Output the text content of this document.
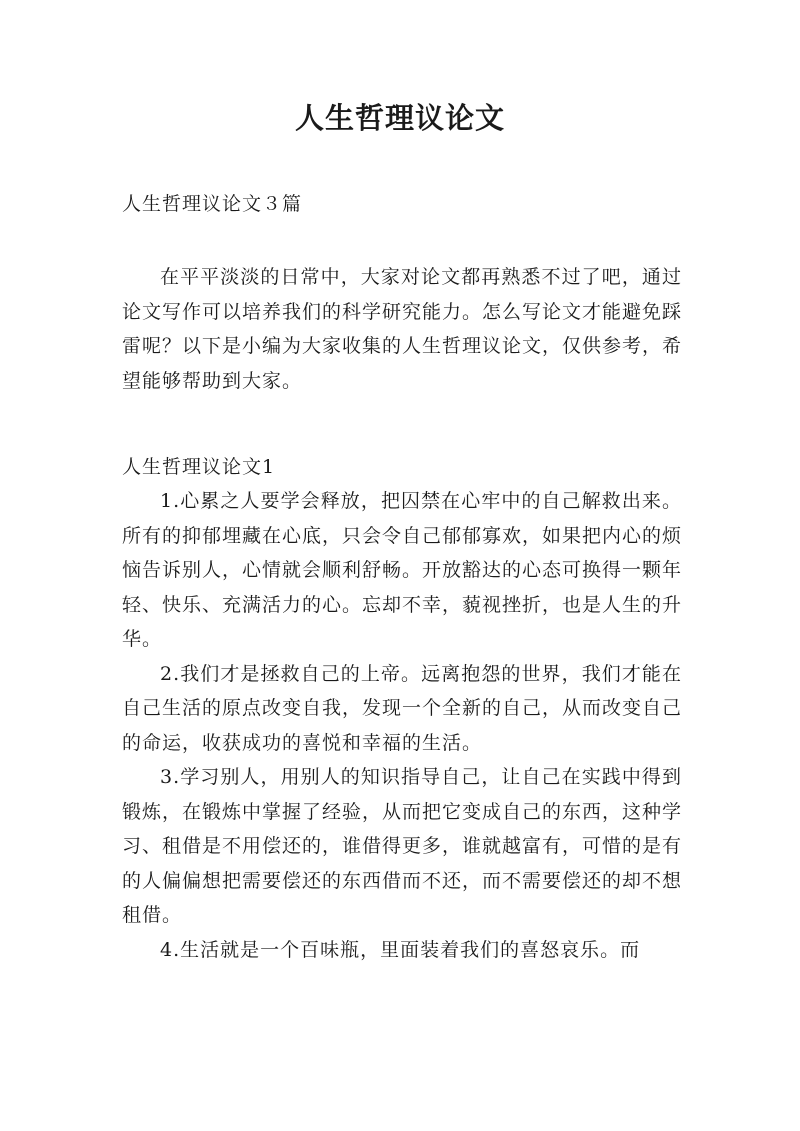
人生哲理议论文
人生哲理议论文３篇

在平平淡淡的日常中，大家对论文都再熟悉不过了吧，通过论文写作可以培养我们的科学研究能力。怎么写论文才能避免踩雷呢？以下是小编为大家收集的人生哲理议论文，仅供参考，希望能够帮助到大家。

人生哲理议论文1

1.心累之人要学会释放，把囚禁在心牢中的自己解救出来。所有的抑郁埋藏在心底，只会令自己郁郁寡欢，如果把内心的烦恼告诉别人，心情就会顺利舒畅。开放豁达的心态可换得一颗年轻、快乐、充满活力的心。忘却不幸，藐视挫折，也是人生的升华。

2.我们才是拯救自己的上帝。远离抱怨的世界，我们才能在自己生活的原点改变自我，发现一个全新的自己，从而改变自己的命运，收获成功的喜悦和幸福的生活。

3.学习别人，用别人的知识指导自己，让自己在实践中得到锻炼，在锻炼中掌握了经验，从而把它变成自己的东西，这种学习、租借是不用偿还的，谁借得更多，谁就越富有，可惜的是有的人偏偏想把需要偿还的东西借而不还，而不需要偿还的却不想租借。

4.生活就是一个百味瓶，里面装着我们的喜怒哀乐。而
